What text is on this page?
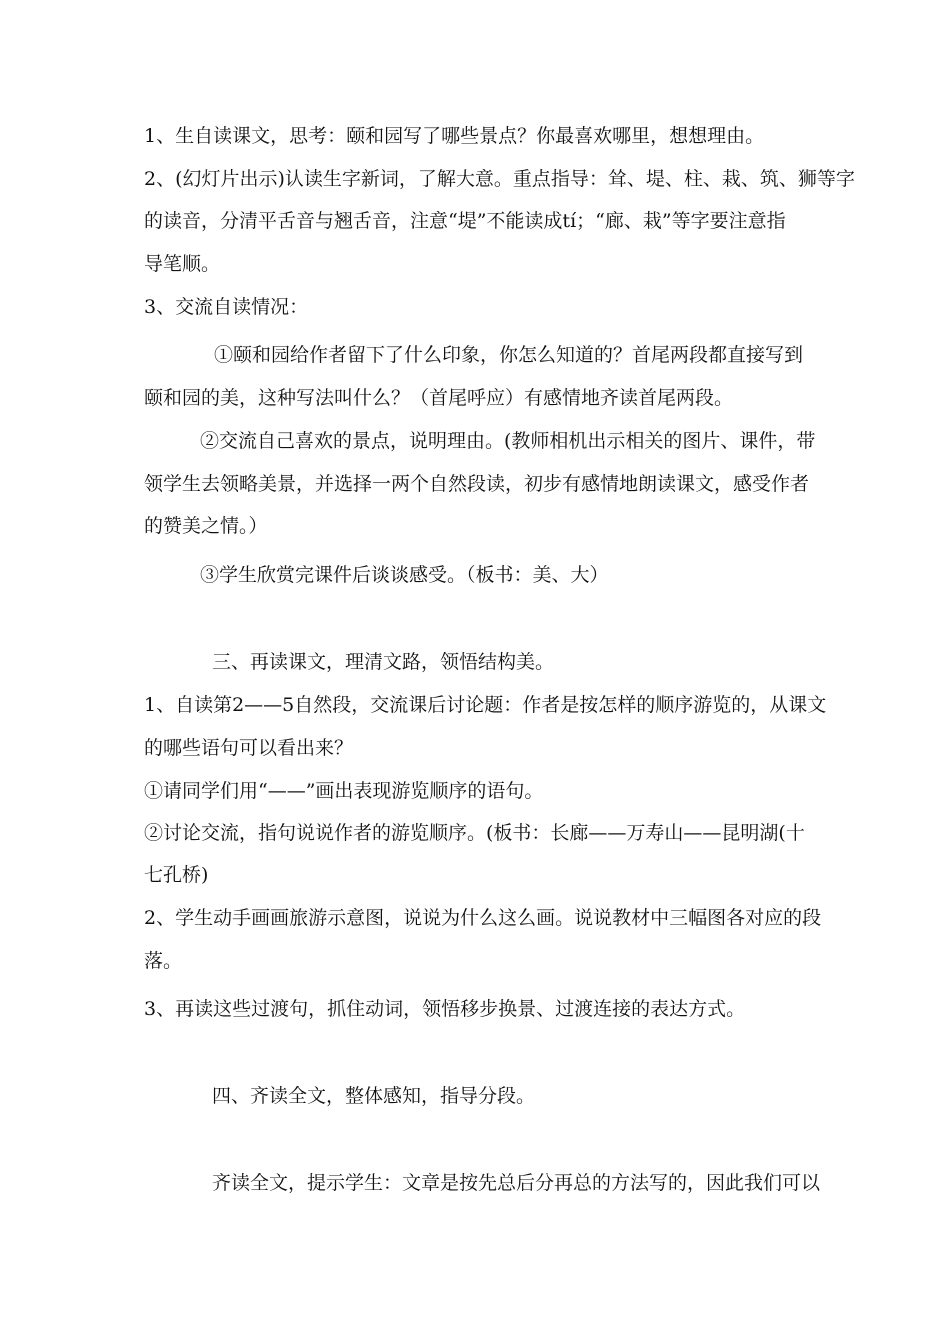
1、生自读课文，思考：颐和园写了哪些景点？你最喜欢哪里，想想理由。
2、(幻灯片出示)认读生字新词，了解大意。重点指导：耸、堤、柱、栽、筑、狮等字
的读音，分清平舌音与翘舌音，注意“堤”不能读成tí；“廊、栽”等字要注意指
导笔顺。
3、交流自读情况：
①颐和园给作者留下了什么印象，你怎么知道的？首尾两段都直接写到
颐和园的美，这种写法叫什么？（首尾呼应）有感情地齐读首尾两段。
②交流自己喜欢的景点，说明理由。(教师相机出示相关的图片、课件，带
领学生去领略美景，并选择一两个自然段读，初步有感情地朗读课文，感受作者
的赞美之情。）
③学生欣赏完课件后谈谈感受。（板书：美、大）
三、再读课文，理清文路，领悟结构美。
1、自读第2——5自然段，交流课后讨论题：作者是按怎样的顺序游览的，从课文
的哪些语句可以看出来？
①请同学们用“——”画出表现游览顺序的语句。
②讨论交流，指句说说作者的游览顺序。(板书：长廊——万寿山——昆明湖(十
七孔桥)
2、学生动手画画旅游示意图，说说为什么这么画。说说教材中三幅图各对应的段
落。
3、再读这些过渡句，抓住动词，领悟移步换景、过渡连接的表达方式。
四、齐读全文，整体感知，指导分段。
齐读全文，提示学生：文章是按先总后分再总的方法写的，因此我们可以
